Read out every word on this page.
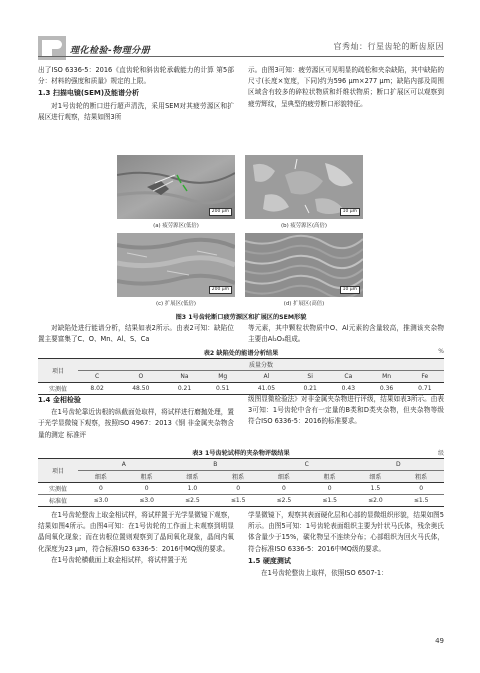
理化检验-物理分册	官秀灿：行星齿轮的断齿原因

出了ISO 6336-5：2016《直齿轮和斜齿轮承载能力的计算 第5部分：材料的强度和质量》规定的上限。

1.3 扫描电镜(SEM)及能谱分析

对1号齿轮的断口进行超声清洗，采用SEM对其疲劳源区和扩展区进行观察，结果如图3所

示。由图3可知：疲劳源区可见明显的疏松和夹杂缺陷，其中缺陷的尺寸(长度×宽度，下同)约为596 μm×277 μm；缺陷内部及周围区域含有较多的碎粒状物质和纤维状物质；断口扩展区可以观察到疲劳辉纹，呈典型的疲劳断口形貌特征。

200 μm
(a) 疲劳源区(低倍)
10 μm
(b) 疲劳源区(高倍)
200 μm
(c) 扩展区(低倍)
10 μm
(d) 扩展区(高倍)
图3 1号齿轮断口疲劳源区和扩展区的SEM形貌

对缺陷处进行能谱分析，结果如表2所示。由表2可知：缺陷位置主要富集了C、O、Mn、Al、S、Ca

等元素，其中颗粒状物质中O、Al元素的含量较高，推测该夹杂物主要由Al₂O₃组成。

表2 缺陷处的能谱分析结果	%
项目	质量分数								
	C	O	Na	Mg	Al	Si	Ca	Mn	Fe
实测值	8.02	48.50	0.21	0.51	41.05	0.21	0.43	0.36	0.71

1.4 金相检验

在1号齿轮靠近齿根的纵截面处取样，将试样进行磨抛处理，置于光学显微镜下观察，按照ISO 4967：2013《钢 非金属夹杂物含量的测定 标准评

级图显微检验法》对非金属夹杂物进行评级，结果如表3所示。由表3可知：1号齿轮中含有一定量的B类和D类夹杂物，但夹杂物等级符合ISO 6336-5：2016的标准要求。

表3 1号齿轮试样的夹杂物评级结果	级
项目	A		B		C		D	
	细系	粗系	细系	粗系	细系	粗系	细系	粗系
实测值	0	0	1.0	0	0	0	1.5	0
标准值	≤3.0	≤3.0	≤2.5	≤1.5	≤2.5	≤1.5	≤2.0	≤1.5

在1号齿轮整齿上取金相试样，将试样置于光学显微镜下观察，结果如图4所示。由图4可知：在1号齿轮的工作面上未观察到明显晶间氧化现象；而在齿根位置则观察到了晶间氧化现象，晶间内氧化深度为23 μm，符合标准ISO 6336-5：2016中MQ级的要求。

在1号齿轮横截面上取金相试样，将试样置于光

学显微镜下，观察其表面硬化层和心部的显微组织形貌，结果如图5所示。由图5可知：1号齿轮表面组织主要为针状马氏体，残余奥氏体含量少于15%，碳化物呈不连续分布；心部组织为回火马氏体，符合标准ISO 6336-5：2016中MQ级的要求。

1.5 硬度测试

在1号齿轮整齿上取样，依照ISO 6507-1：

49
